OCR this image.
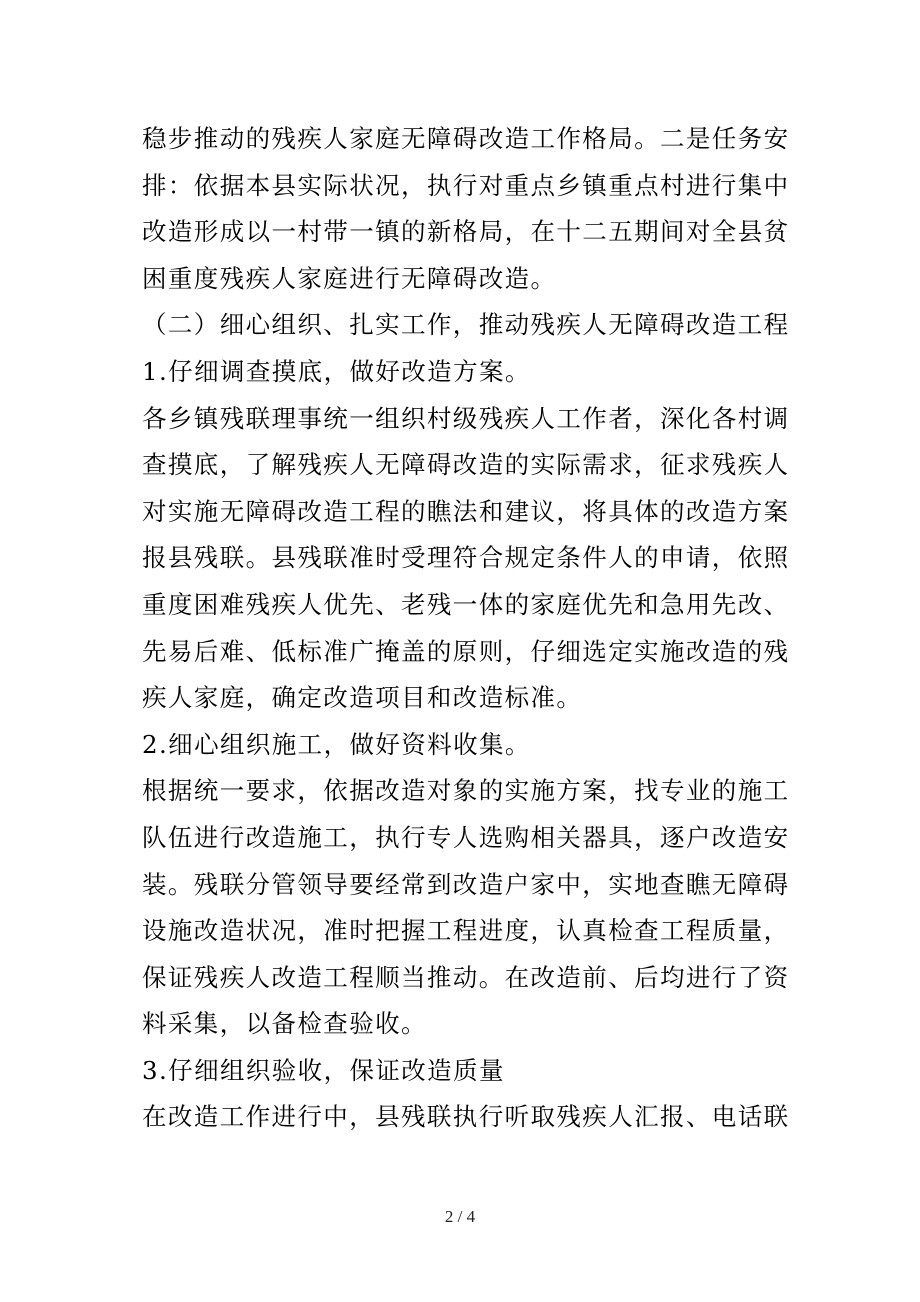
稳步推动的残疾人家庭无障碍改造工作格局。二是任务安
排：依据本县实际状况，执行对重点乡镇重点村进行集中
改造形成以一村带一镇的新格局，在十二五期间对全县贫
困重度残疾人家庭进行无障碍改造。
（二）细心组织、扎实工作，推动残疾人无障碍改造工程
1.仔细调查摸底，做好改造方案。
各乡镇残联理事统一组织村级残疾人工作者，深化各村调
查摸底，了解残疾人无障碍改造的实际需求，征求残疾人
对实施无障碍改造工程的瞧法和建议，将具体的改造方案
报县残联。县残联准时受理符合规定条件人的申请，依照
重度困难残疾人优先、老残一体的家庭优先和急用先改、
先易后难、低标准广掩盖的原则，仔细选定实施改造的残
疾人家庭，确定改造项目和改造标准。
2.细心组织施工，做好资料收集。
根据统一要求，依据改造对象的实施方案，找专业的施工
队伍进行改造施工，执行专人选购相关器具，逐户改造安
装。残联分管领导要经常到改造户家中，实地查瞧无障碍
设施改造状况，准时把握工程进度，认真检查工程质量，
保证残疾人改造工程顺当推动。在改造前、后均进行了资
料采集，以备检查验收。
3.仔细组织验收，保证改造质量
在改造工作进行中，县残联执行听取残疾人汇报、电话联
2 / 4
